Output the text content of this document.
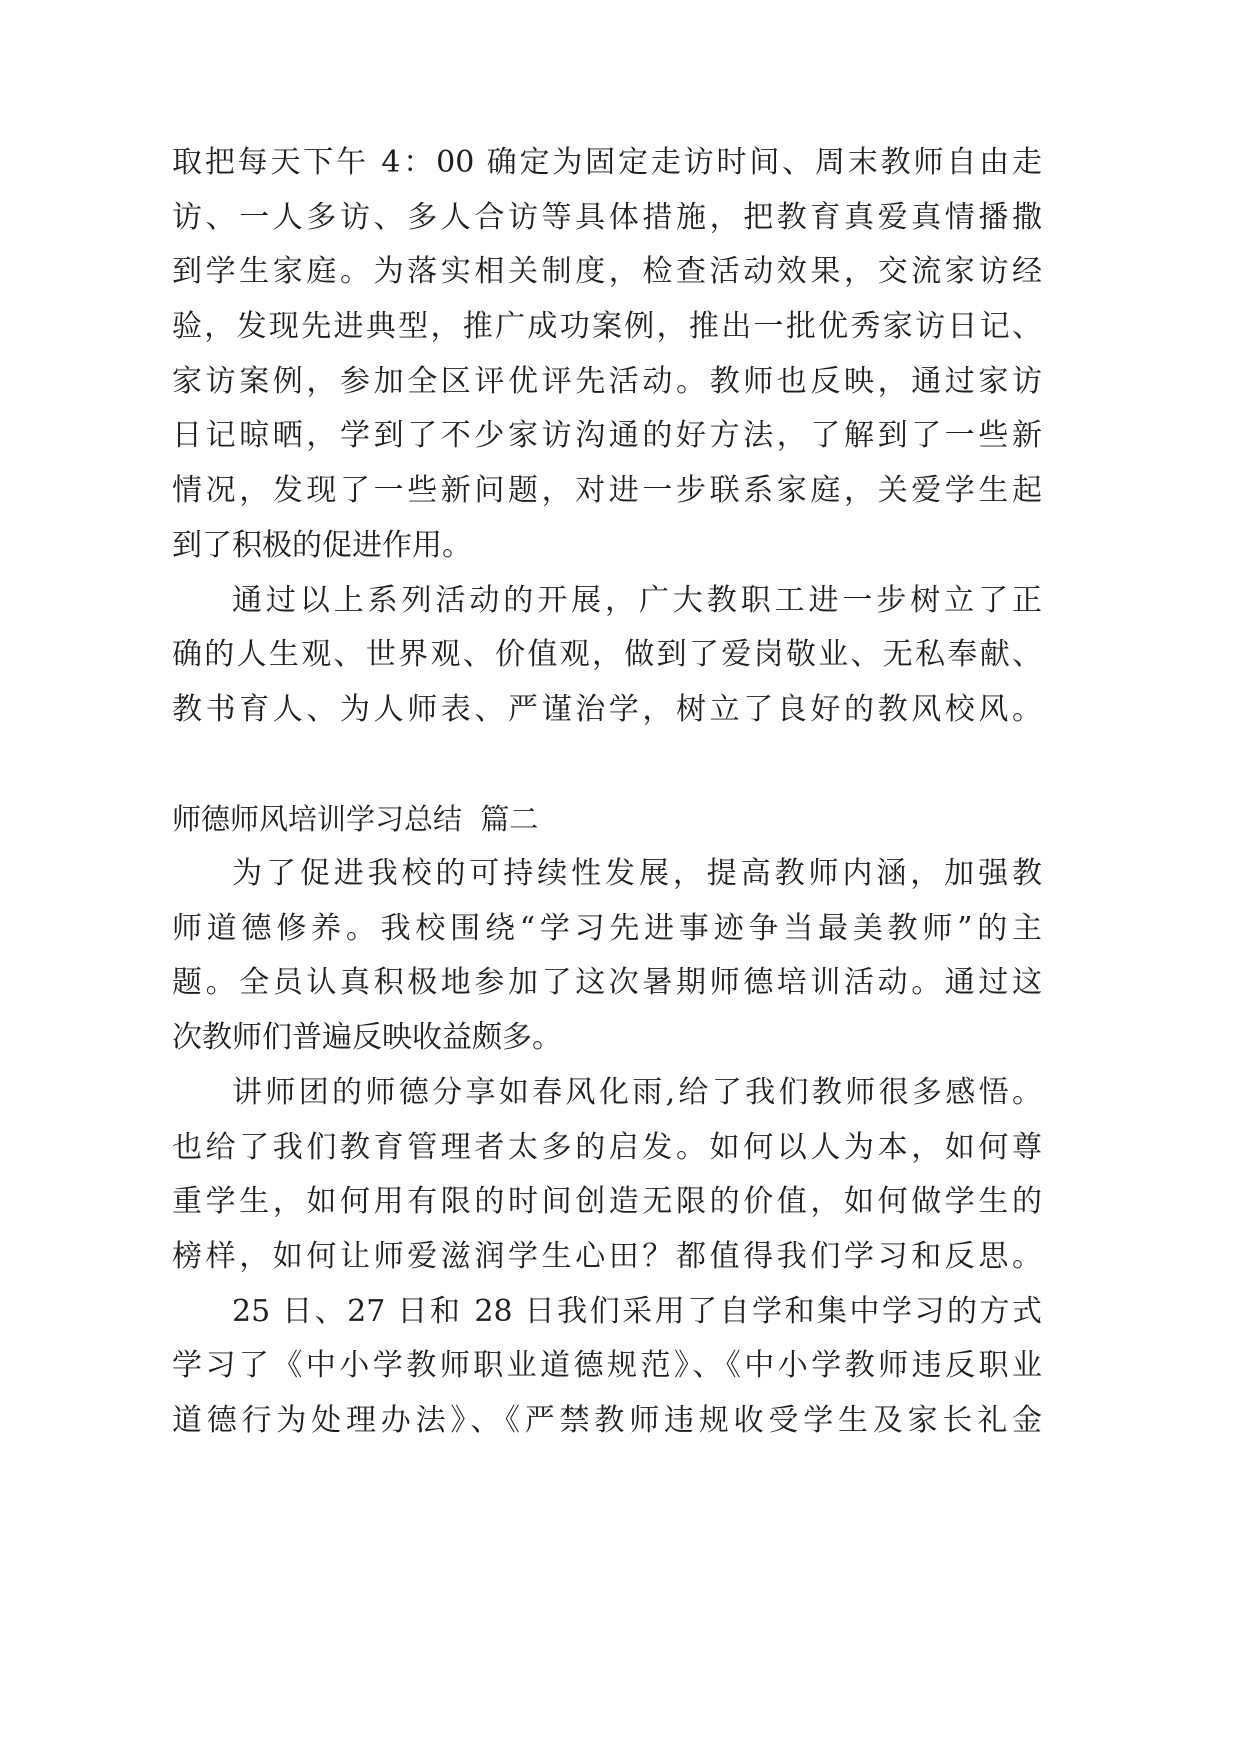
取把每天下午 4：00 确定为固定走访时间、周末教师自由走
访、一人多访、多人合访等具体措施，把教育真爱真情播撒
到学生家庭。为落实相关制度，检查活动效果，交流家访经
验，发现先进典型，推广成功案例，推出一批优秀家访日记、
家访案例，参加全区评优评先活动。教师也反映，通过家访
日记晾晒，学到了不少家访沟通的好方法，了解到了一些新
情况，发现了一些新问题，对进一步联系家庭，关爱学生起
到了积极的促进作用。
通过以上系列活动的开展，广大教职工进一步树立了正
确的人生观、世界观、价值观，做到了爱岗敬业、无私奉献、
教书育人、为人师表、严谨治学，树立了良好的教风校风。
师德师风培训学习总结  篇二
为了促进我校的可持续性发展，提高教师内涵，加强教
师道德修养。我校围绕“学习先进事迹争当最美教师”的主
题。全员认真积极地参加了这次暑期师德培训活动。通过这
次教师们普遍反映收益颇多。
讲师团的师德分享如春风化雨,给了我们教师很多感悟。
也给了我们教育管理者太多的启发。如何以人为本，如何尊
重学生，如何用有限的时间创造无限的价值，如何做学生的
榜样，如何让师爱滋润学生心田？都值得我们学习和反思。
25 日、27 日和 28 日我们采用了自学和集中学习的方式
学习了《中小学教师职业道德规范》、《中小学教师违反职业
道德行为处理办法》、《严禁教师违规收受学生及家长礼金
